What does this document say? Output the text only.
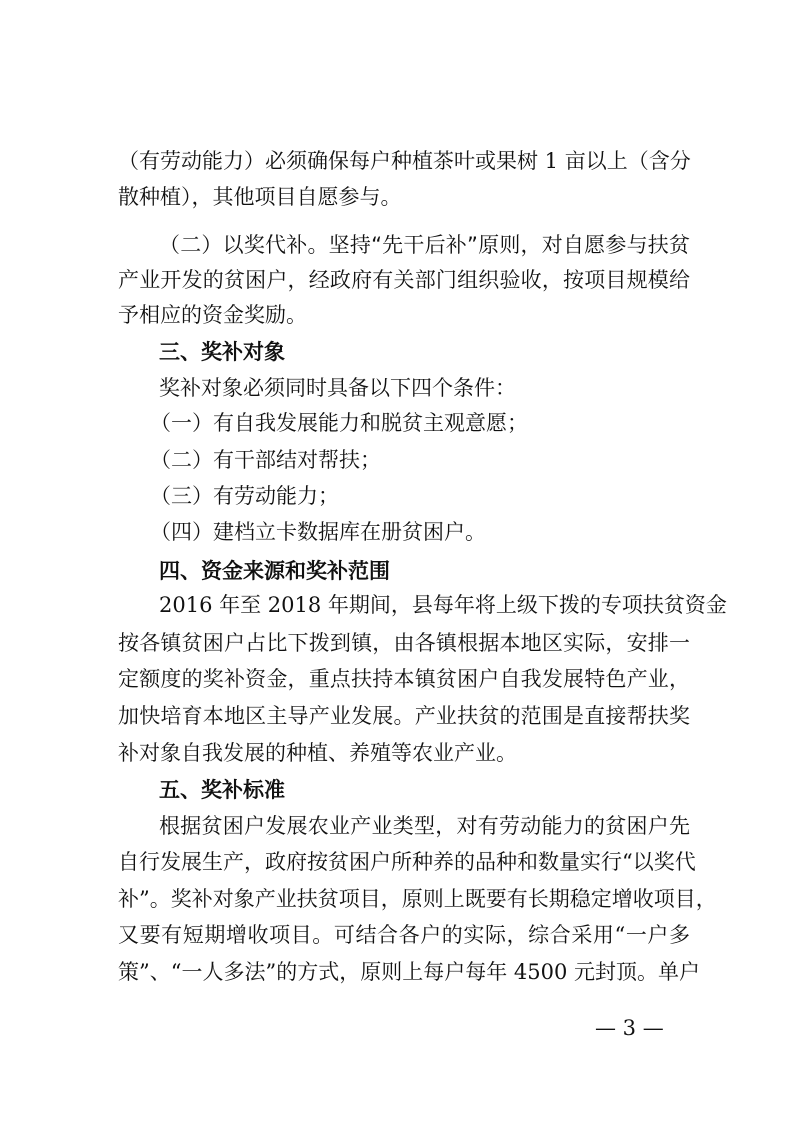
（有劳动能力）必须确保每户种植茶叶或果树 1 亩以上（含分
散种植），其他项目自愿参与。
（二）以奖代补。坚持“先干后补”原则，对自愿参与扶贫
产业开发的贫困户，经政府有关部门组织验收，按项目规模给
予相应的资金奖励。
三、奖补对象
奖补对象必须同时具备以下四个条件：
（一）有自我发展能力和脱贫主观意愿；
（二）有干部结对帮扶；
（三）有劳动能力；
（四）建档立卡数据库在册贫困户。
四、资金来源和奖补范围
2016 年至 2018 年期间，县每年将上级下拨的专项扶贫资金
按各镇贫困户占比下拨到镇，由各镇根据本地区实际，安排一
定额度的奖补资金，重点扶持本镇贫困户自我发展特色产业，
加快培育本地区主导产业发展。产业扶贫的范围是直接帮扶奖
补对象自我发展的种植、养殖等农业产业。
五、奖补标准
根据贫困户发展农业产业类型，对有劳动能力的贫困户先
自行发展生产，政府按贫困户所种养的品种和数量实行“以奖代
补”。奖补对象产业扶贫项目，原则上既要有长期稳定增收项目，
又要有短期增收项目。可结合各户的实际，综合采用“一户多
策”、“一人多法”的方式，原则上每户每年 4500 元封顶。单户
— 3 —
